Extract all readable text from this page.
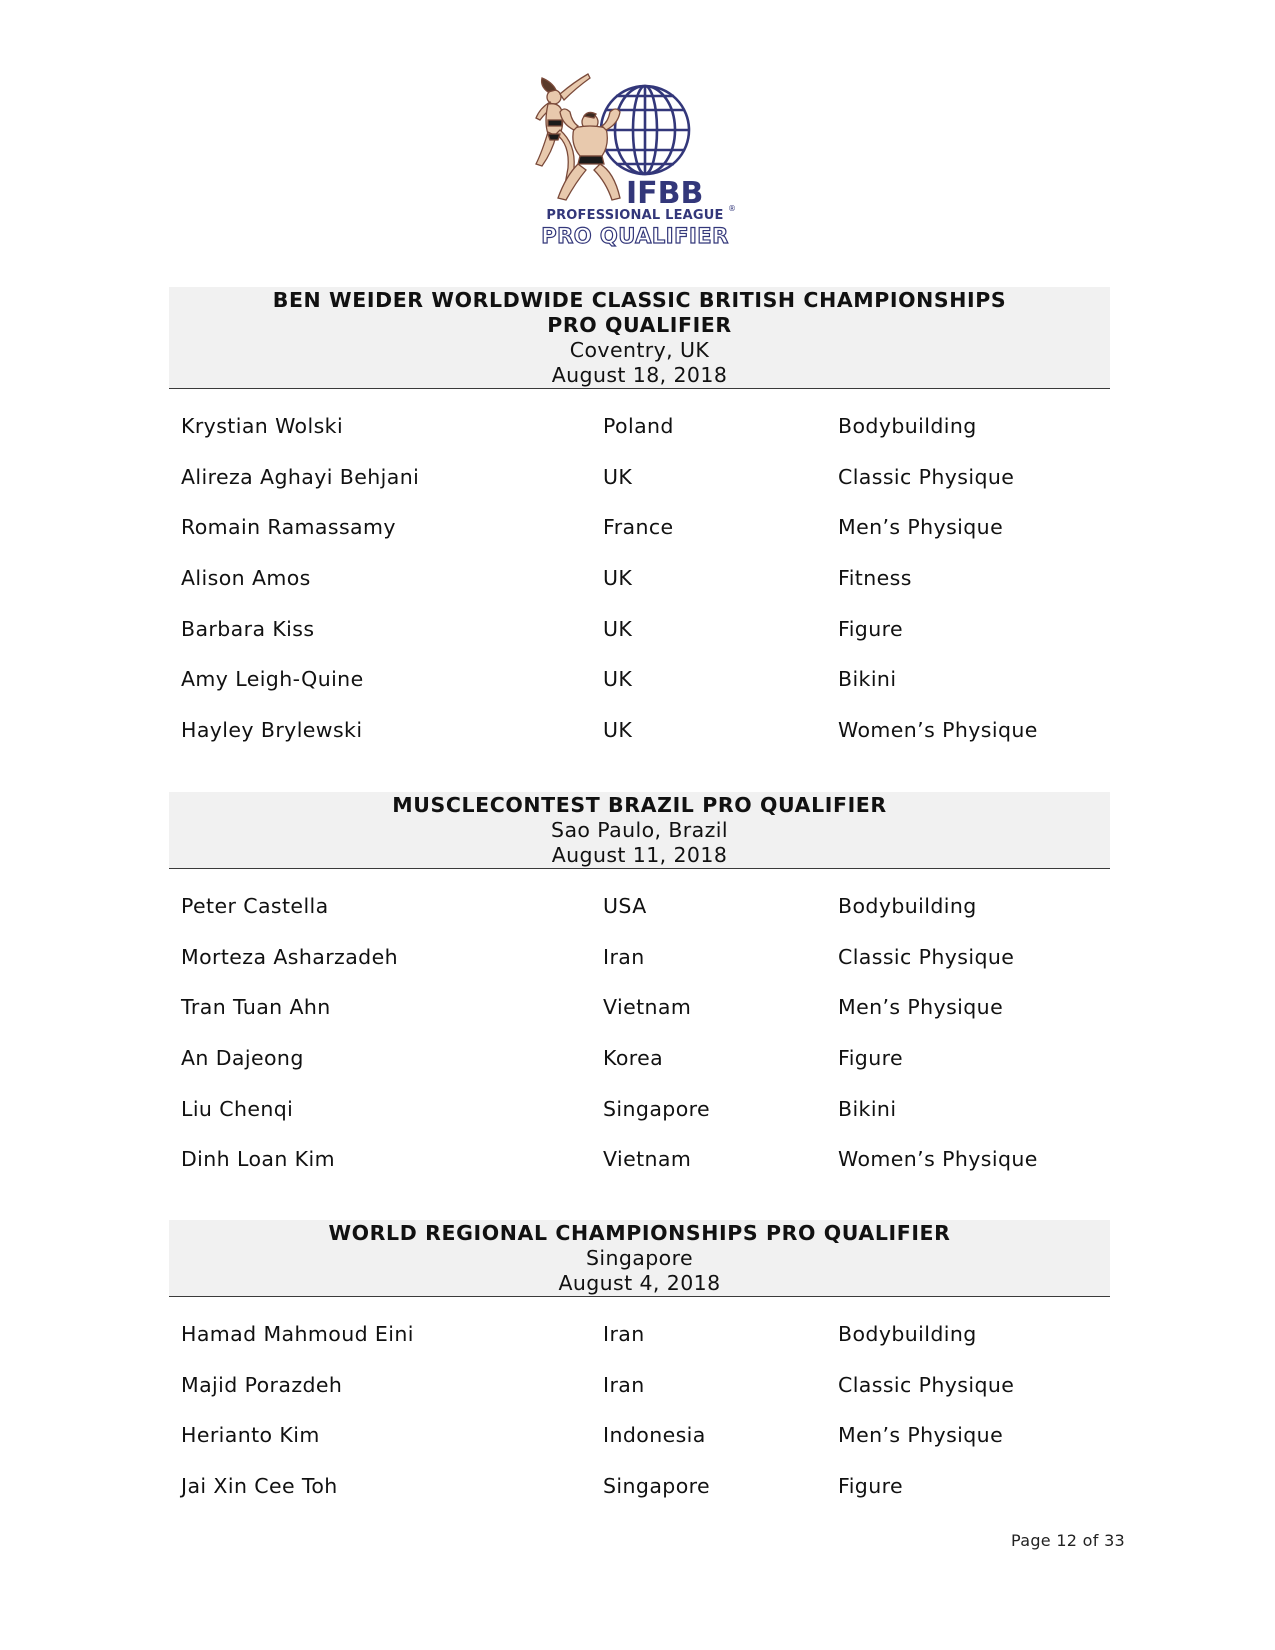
IFBB	®
PROFESSIONAL LEAGUE
PRO QUALIFIER
BEN WEIDER WORLDWIDE CLASSIC BRITISH CHAMPIONSHIPS
PRO QUALIFIER
Coventry, UK
August 18, 2018
Krystian Wolski	Poland	Bodybuilding
Alireza Aghayi Behjani	UK	Classic Physique
Romain Ramassamy	France	Men’s Physique
Alison Amos	UK	Fitness
Barbara Kiss	UK	Figure
Amy Leigh-Quine	UK	Bikini
Hayley Brylewski	UK	Women’s Physique
MUSCLECONTEST BRAZIL PRO QUALIFIER
Sao Paulo, Brazil
August 11, 2018
Peter Castella	USA	Bodybuilding
Morteza Asharzadeh	Iran	Classic Physique
Tran Tuan Ahn	Vietnam	Men’s Physique
An Dajeong	Korea	Figure
Liu Chenqi	Singapore	Bikini
Dinh Loan Kim	Vietnam	Women’s Physique
WORLD REGIONAL CHAMPIONSHIPS PRO QUALIFIER
Singapore
August 4, 2018
Hamad Mahmoud Eini	Iran	Bodybuilding
Majid Porazdeh	Iran	Classic Physique
Herianto Kim	Indonesia	Men’s Physique
Jai Xin Cee Toh	Singapore	Figure
Page 12 of 33
